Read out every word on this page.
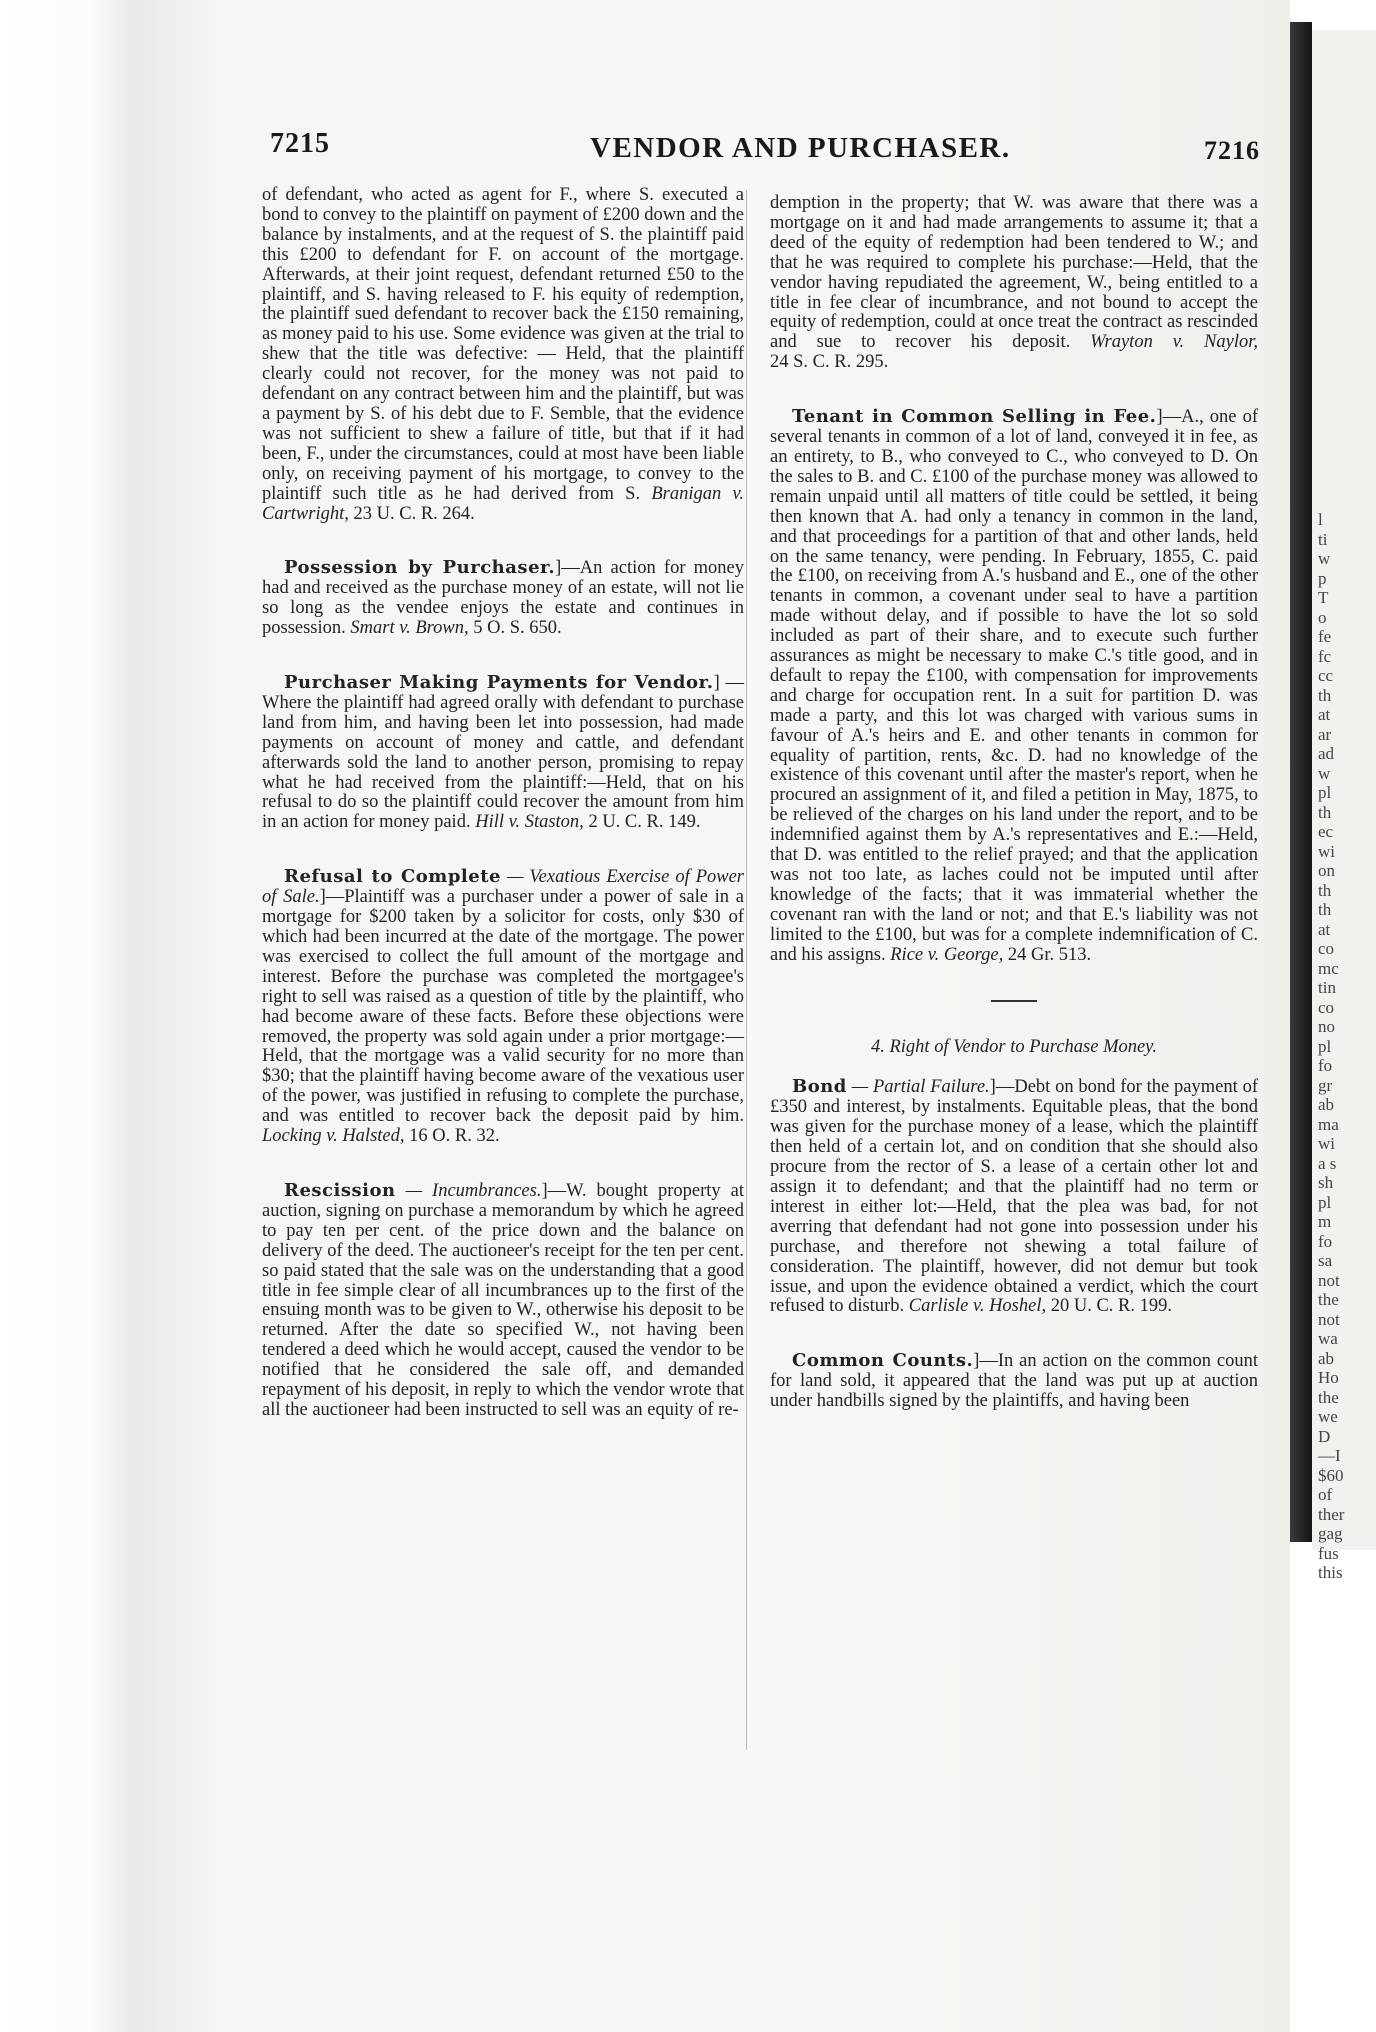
l
ti
w
p
T
o
fe
fc
cc
th
at
ar
ad
w
pl
th
ec
wi
on
th
th
at
co
mc
tin
co
no
pl
fo
gr
ab
ma
wi
a s
sh
pl
m
fo
sa
not
the
not
wa
ab
Ho
the
we
D
—I
$60
of
ther
gag
fus
this
7215	VENDOR AND PURCHASER.	7216

of defendant, who acted as agent for F., where S. executed a bond to convey to the plaintiff on payment of £200 down and the balance by instalments, and at the request of S. the plaintiff paid this £200 to defendant for F. on account of the mortgage. Afterwards, at their joint request, defendant returned £50 to the plaintiff, and S. having released to F. his equity of redemption, the plaintiff sued defendant to recover back the £150 remaining, as money paid to his use. Some evidence was given at the trial to shew that the title was defective: — Held, that the plaintiff clearly could not recover, for the money was not paid to defendant on any contract between him and the plaintiff, but was a payment by S. of his debt due to F. Semble, that the evidence was not sufficient to shew a failure of title, but that if it had been, F., under the circumstances, could at most have been liable only, on receiving payment of his mortgage, to convey to the plaintiff such title as he had derived from S. Branigan v. Cartwright, 23 U. C. R. 264.

Possession by Purchaser.]—An action for money had and received as the purchase money of an estate, will not lie so long as the vendee enjoys the estate and continues in possession. Smart v. Brown, 5 O. S. 650.

Purchaser Making Payments for Vendor.] — Where the plaintiff had agreed orally with defendant to purchase land from him, and having been let into possession, had made payments on account of money and cattle, and defendant afterwards sold the land to another person, promising to repay what he had received from the plaintiff:—Held, that on his refusal to do so the plaintiff could recover the amount from him in an action for money paid. Hill v. Staston, 2 U. C. R. 149.

Refusal to Complete — Vexatious Exercise of Power of Sale.]—Plaintiff was a purchaser under a power of sale in a mortgage for $200 taken by a solicitor for costs, only $30 of which had been incurred at the date of the mortgage. The power was exercised to collect the full amount of the mortgage and interest. Before the purchase was completed the mortgagee's right to sell was raised as a question of title by the plaintiff, who had become aware of these facts. Before these objections were removed, the property was sold again under a prior mortgage:—Held, that the mortgage was a valid security for no more than $30; that the plaintiff having become aware of the vexatious user of the power, was justified in refusing to complete the purchase, and was entitled to recover back the deposit paid by him. Locking v. Halsted, 16 O. R. 32.

Rescission — Incumbrances.]—W. bought property at auction, signing on purchase a memorandum by which he agreed to pay ten per cent. of the price down and the balance on delivery of the deed. The auctioneer's receipt for the ten per cent. so paid stated that the sale was on the understanding that a good title in fee simple clear of all incumbrances up to the first of the ensuing month was to be given to W., otherwise his deposit to be returned. After the date so specified W., not having been tendered a deed which he would accept, caused the vendor to be notified that he considered the sale off, and demanded repayment of his deposit, in reply to which the vendor wrote that all the auctioneer had been instructed to sell was an equity of re-

demption in the property; that W. was aware that there was a mortgage on it and had made arrangements to assume it; that a deed of the equity of redemption had been tendered to W.; and that he was required to complete his purchase:—Held, that the vendor having repudiated the agreement, W., being entitled to a title in fee clear of incumbrance, and not bound to accept the equity of redemption, could at once treat the contract as rescinded and sue to recover his deposit. Wrayton v. Naylor, 24 S. C. R. 295.

Tenant in Common Selling in Fee.]—A., one of several tenants in common of a lot of land, conveyed it in fee, as an entirety, to B., who conveyed to C., who conveyed to D. On the sales to B. and C. £100 of the purchase money was allowed to remain unpaid until all matters of title could be settled, it being then known that A. had only a tenancy in common in the land, and that proceedings for a partition of that and other lands, held on the same tenancy, were pending. In February, 1855, C. paid the £100, on receiving from A.'s husband and E., one of the other tenants in common, a covenant under seal to have a partition made without delay, and if possible to have the lot so sold included as part of their share, and to execute such further assurances as might be necessary to make C.'s title good, and in default to repay the £100, with compensation for improvements and charge for occupation rent. In a suit for partition D. was made a party, and this lot was charged with various sums in favour of A.'s heirs and E. and other tenants in common for equality of partition, rents, &c. D. had no knowledge of the existence of this covenant until after the master's report, when he procured an assignment of it, and filed a petition in May, 1875, to be relieved of the charges on his land under the report, and to be indemnified against them by A.'s representatives and E.:—Held, that D. was entitled to the relief prayed; and that the application was not too late, as laches could not be imputed until after knowledge of the facts; that it was immaterial whether the covenant ran with the land or not; and that E.'s liability was not limited to the £100, but was for a complete indemnification of C. and his assigns. Rice v. George, 24 Gr. 513.

4. Right of Vendor to Purchase Money.

Bond — Partial Failure.]—Debt on bond for the payment of £350 and interest, by instalments. Equitable pleas, that the bond was given for the purchase money of a lease, which the plaintiff then held of a certain lot, and on condition that she should also procure from the rector of S. a lease of a certain other lot and assign it to defendant; and that the plaintiff had no term or interest in either lot:—Held, that the plea was bad, for not averring that defendant had not gone into possession under his purchase, and therefore not shewing a total failure of consideration. The plaintiff, however, did not demur but took issue, and upon the evidence obtained a verdict, which the court refused to disturb. Carlisle v. Hoshel, 20 U. C. R. 199.

Common Counts.]—In an action on the common count for land sold, it appeared that the land was put up at auction under handbills signed by the plaintiffs, and having been
